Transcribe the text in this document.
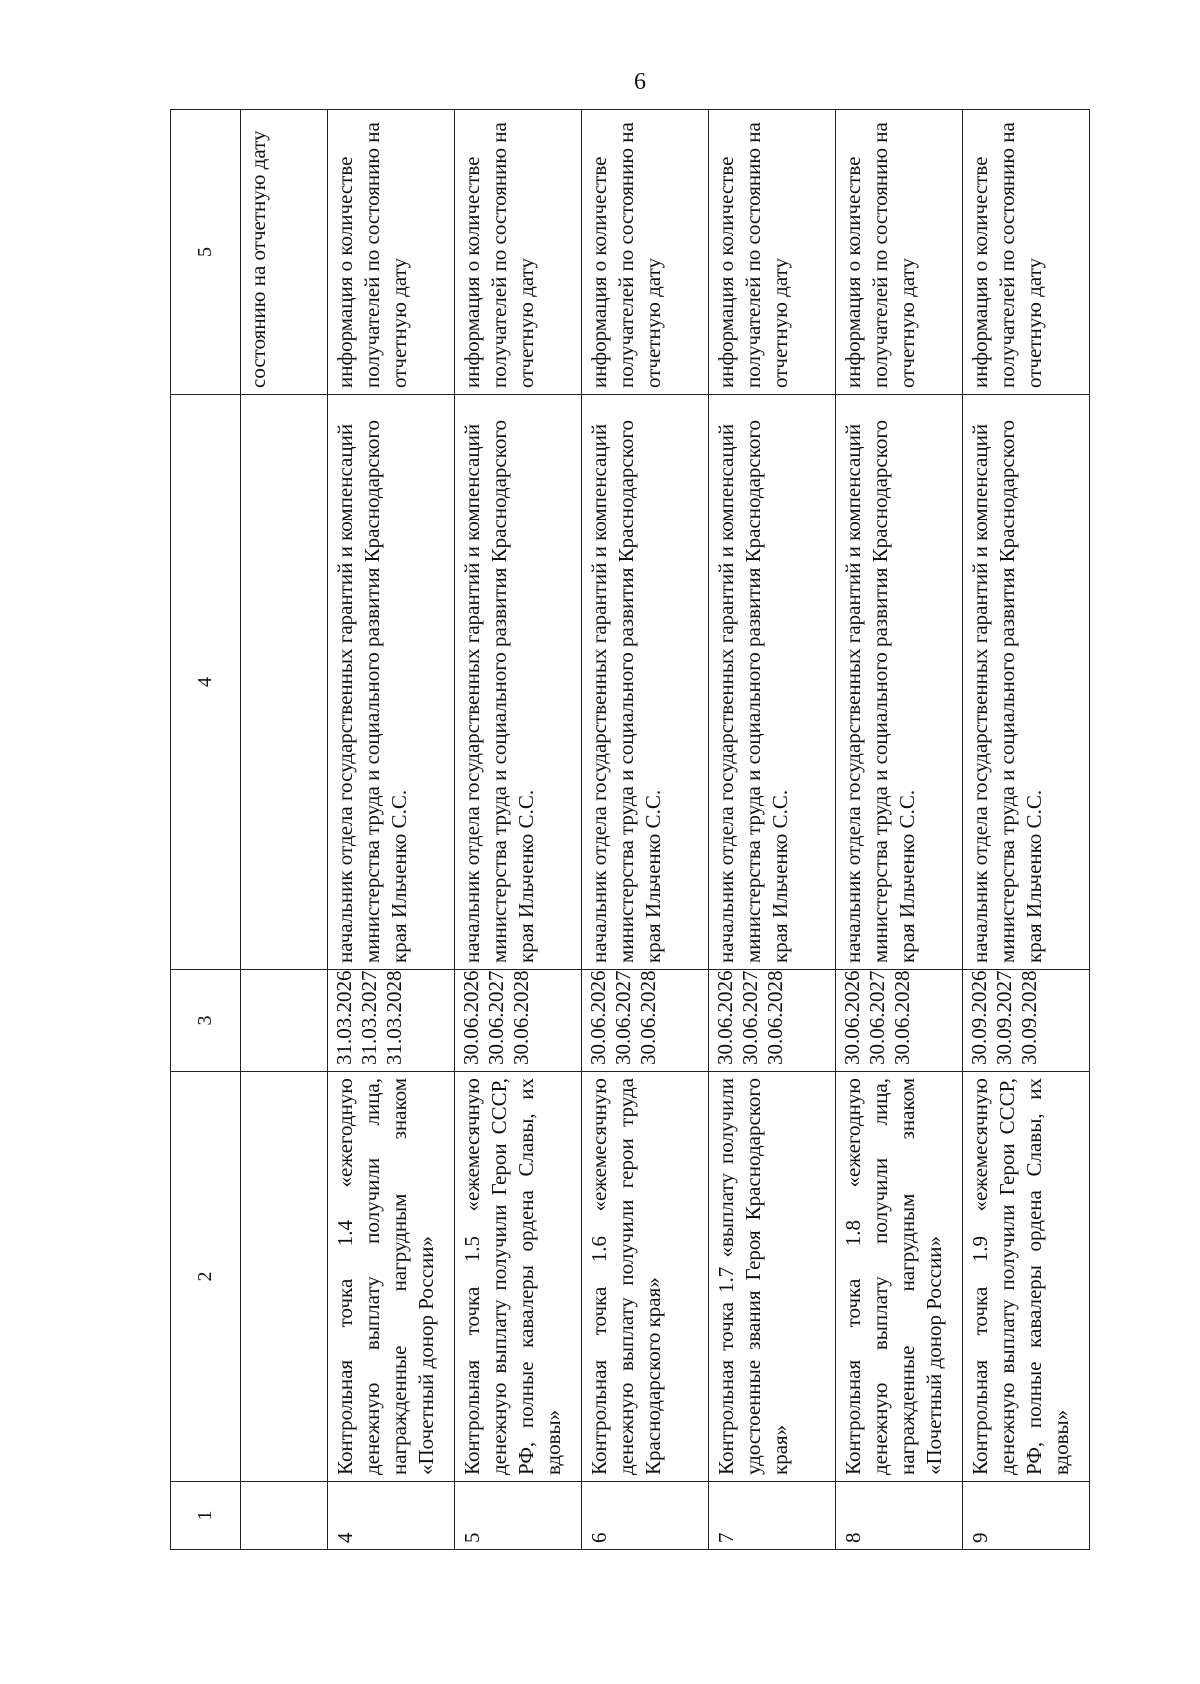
6
1	2	3	4	5
				состоянию на отчетную дату
4	Контрольная точка 1.4 «ежегодную денежную выплату получили лица, награжденные нагрудным знаком «Почетный донор России»	31.03.2026 31.03.2027 31.03.2028	начальник отдела государственных гарантий и компенсаций министерства труда и социального развития Краснодарского края Ильченко С.С.	информация о количестве получателей по состоянию на отчетную дату
5	Контрольная точка 1.5 «ежемесячную денежную выплату получили Герои СССР, РФ, полные кавалеры ордена Славы, их вдовы»	30.06.2026 30.06.2027 30.06.2028	начальник отдела государственных гарантий и компенсаций министерства труда и социального развития Краснодарского края Ильченко С.С.	информация о количестве получателей по состоянию на отчетную дату
6	Контрольная точка 1.6 «ежемесячную денежную выплату получили герои труда Краснодарского края»	30.06.2026 30.06.2027 30.06.2028	начальник отдела государственных гарантий и компенсаций министерства труда и социального развития Краснодарского края Ильченко С.С.	информация о количестве получателей по состоянию на отчетную дату
7	Контрольная точка 1.7 «выплату получили удостоенные звания Героя Краснодарского края»	30.06.2026 30.06.2027 30.06.2028	начальник отдела государственных гарантий и компенсаций министерства труда и социального развития Краснодарского края Ильченко С.С.	информация о количестве получателей по состоянию на отчетную дату
8	Контрольная точка 1.8 «ежегодную денежную выплату получили лица, награжденные нагрудным знаком «Почетный донор России»	30.06.2026 30.06.2027 30.06.2028	начальник отдела государственных гарантий и компенсаций министерства труда и социального развития Краснодарского края Ильченко С.С.	информация о количестве получателей по состоянию на отчетную дату
9	Контрольная точка 1.9 «ежемесячную денежную выплату получили Герои СССР, РФ, полные кавалеры ордена Славы, их вдовы»	30.09.2026 30.09.2027 30.09.2028	начальник отдела государственных гарантий и компенсаций министерства труда и социального развития Краснодарского края Ильченко С.С.	информация о количестве получателей по состоянию на отчетную дату
